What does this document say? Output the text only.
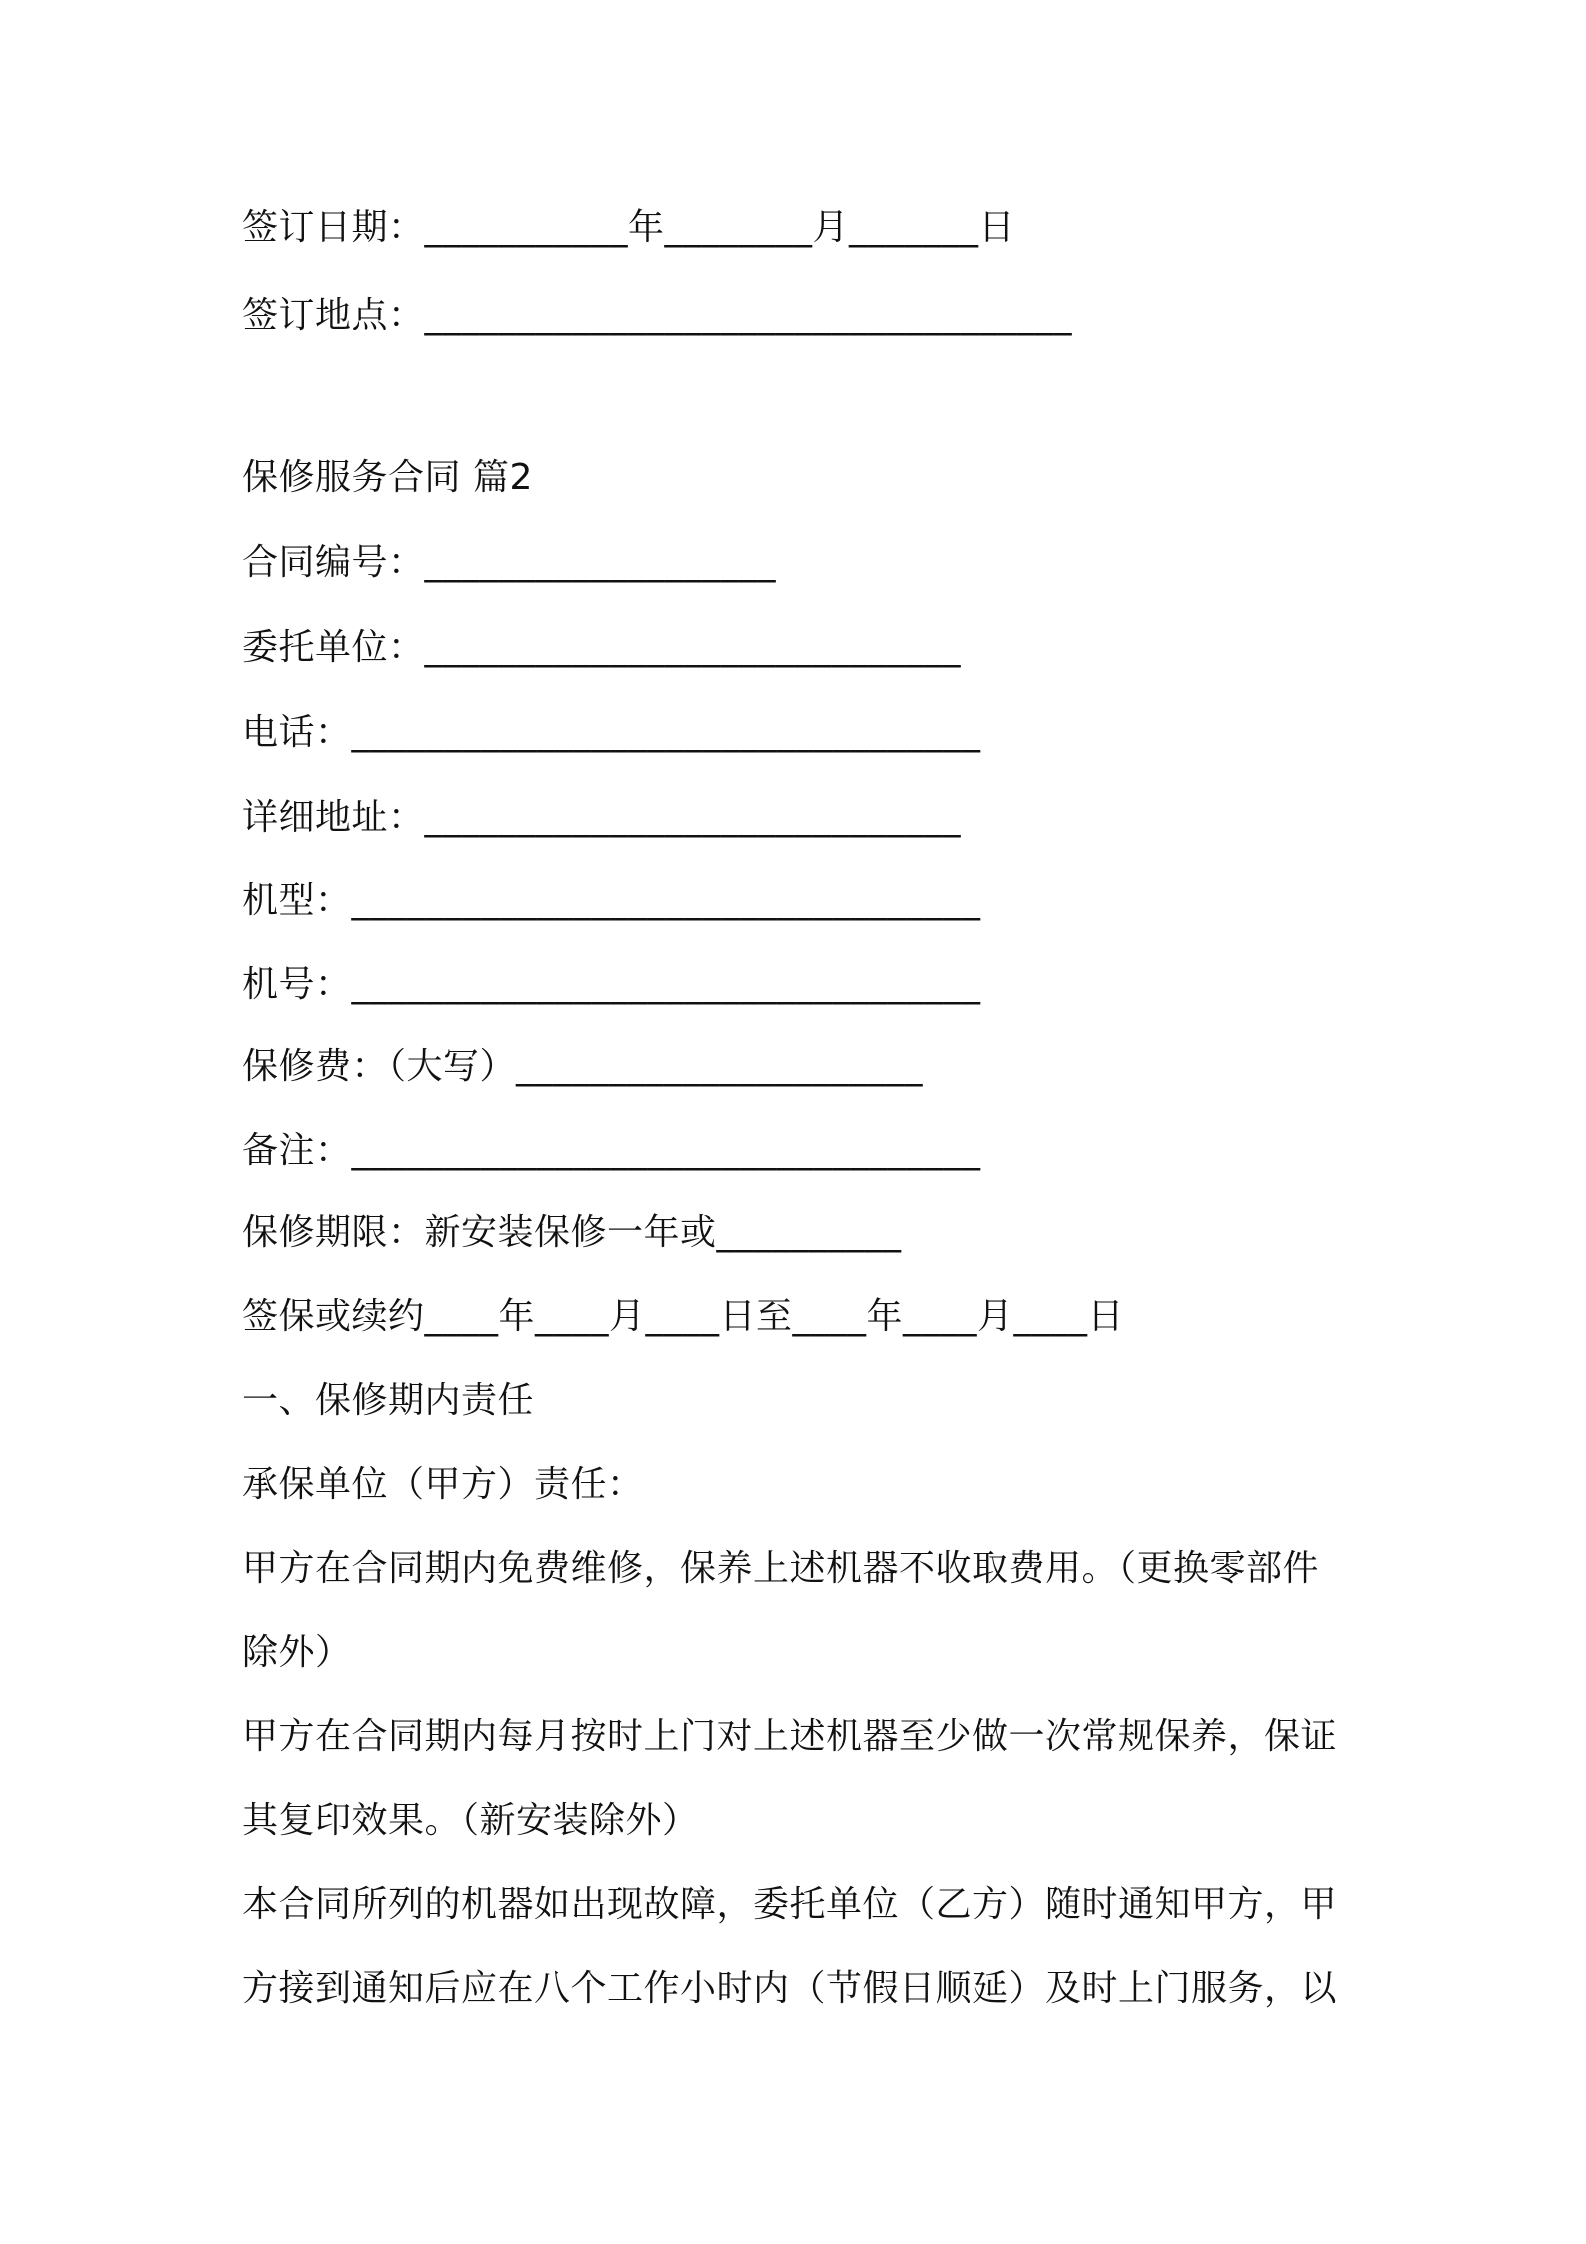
签订日期：___________年________月_______日
签订地点：___________________________________
保修服务合同 篇2
合同编号：___________________
委托单位：_____________________________
电话：__________________________________
详细地址：_____________________________
机型：__________________________________
机号：__________________________________
保修费：（大写）______________________
备注：__________________________________
保修期限：新安装保修一年或__________
签保或续约____年____月____日至____年____月____日
一、保修期内责任
承保单位（甲方）责任：
甲方在合同期内免费维修，保养上述机器不收取费用。（更换零部件
除外）
甲方在合同期内每月按时上门对上述机器至少做一次常规保养，保证
其复印效果。（新安装除外）
本合同所列的机器如出现故障，委托单位（乙方）随时通知甲方，甲
方接到通知后应在八个工作小时内（节假日顺延）及时上门服务，以
